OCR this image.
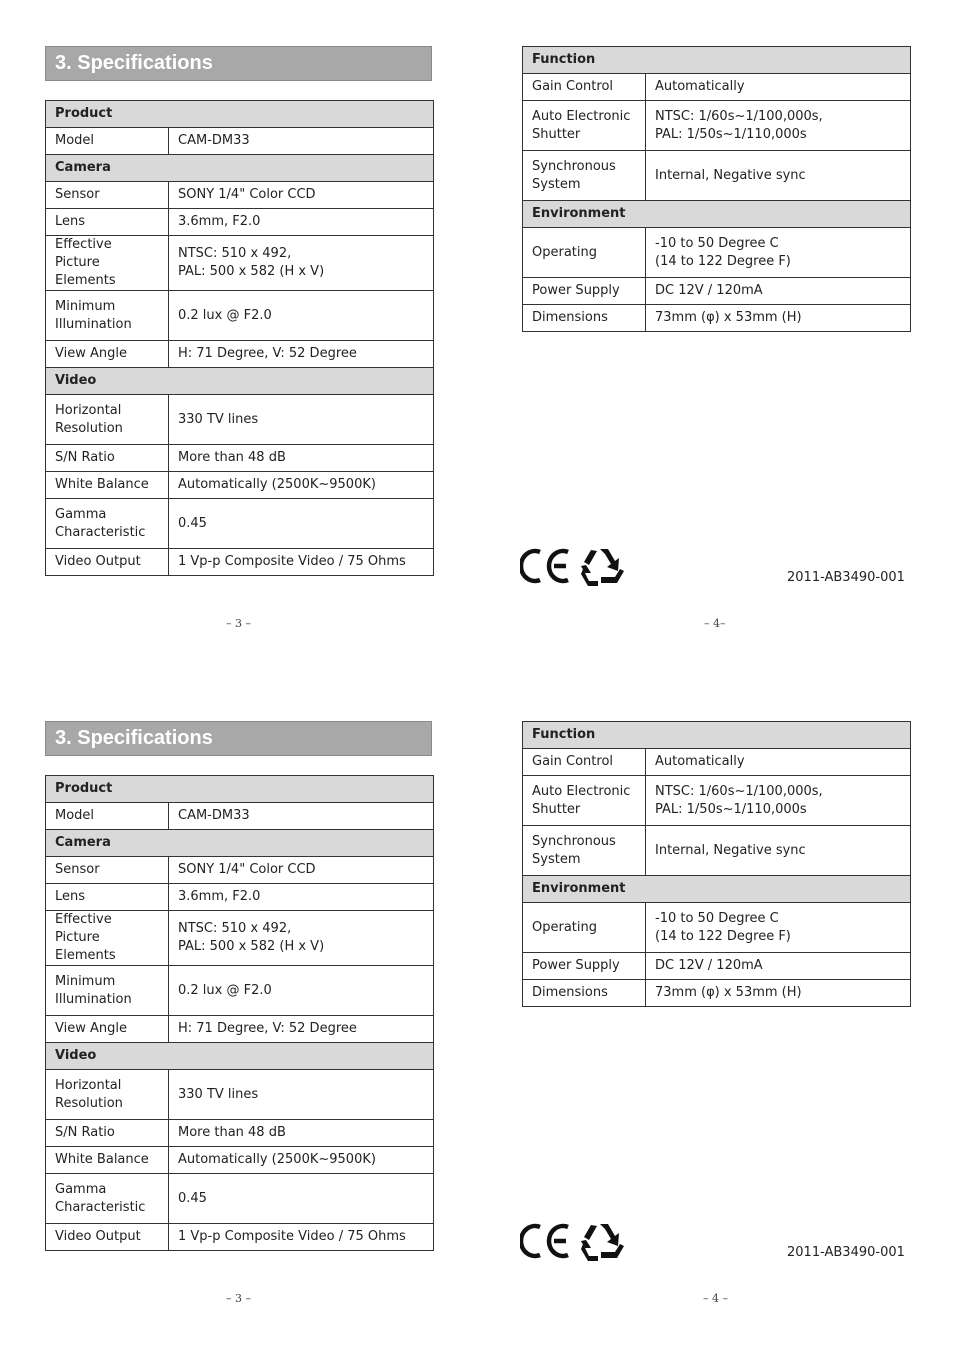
3. Specifications
Product	
Model	CAM-DM33
Camera	
Sensor	SONY 1/4" Color CCD
Lens	3.6mm, F2.0
Effective Picture Elements	NTSC: 510 x 492,
PAL: 500 x 582 (H x V)
Minimum Illumination	0.2 lux @ F2.0
View Angle	H: 71 Degree, V: 52 Degree
Video	
Horizontal Resolution	330 TV lines
S/N Ratio	More than 48 dB
White Balance	Automatically (2500K~9500K)
Gamma Characteristic	0.45
Video Output	1 Vp-p Composite Video / 75 Ohms
Function	
Gain Control	Automatically
Auto Electronic Shutter	NTSC: 1/60s~1/100,000s,
PAL: 1/50s~1/110,000s
Synchronous System	Internal, Negative sync
Environment	
Operating	-10 to 50 Degree C
(14 to 122 Degree F)
Power Supply	DC 12V / 120mA
Dimensions	73mm (φ) x 53mm (H)
2011-AB3490-001
– 3 –	– 4–
3. Specifications
Product	
Model	CAM-DM33
Camera	
Sensor	SONY 1/4" Color CCD
Lens	3.6mm, F2.0
Effective Picture Elements	NTSC: 510 x 492,
PAL: 500 x 582 (H x V)
Minimum Illumination	0.2 lux @ F2.0
View Angle	H: 71 Degree, V: 52 Degree
Video	
Horizontal Resolution	330 TV lines
S/N Ratio	More than 48 dB
White Balance	Automatically (2500K~9500K)
Gamma Characteristic	0.45
Video Output	1 Vp-p Composite Video / 75 Ohms
Function	
Gain Control	Automatically
Auto Electronic Shutter	NTSC: 1/60s~1/100,000s,
PAL: 1/50s~1/110,000s
Synchronous System	Internal, Negative sync
Environment	
Operating	-10 to 50 Degree C
(14 to 122 Degree F)
Power Supply	DC 12V / 120mA
Dimensions	73mm (φ) x 53mm (H)
2011-AB3490-001
– 3 –	– 4 –
